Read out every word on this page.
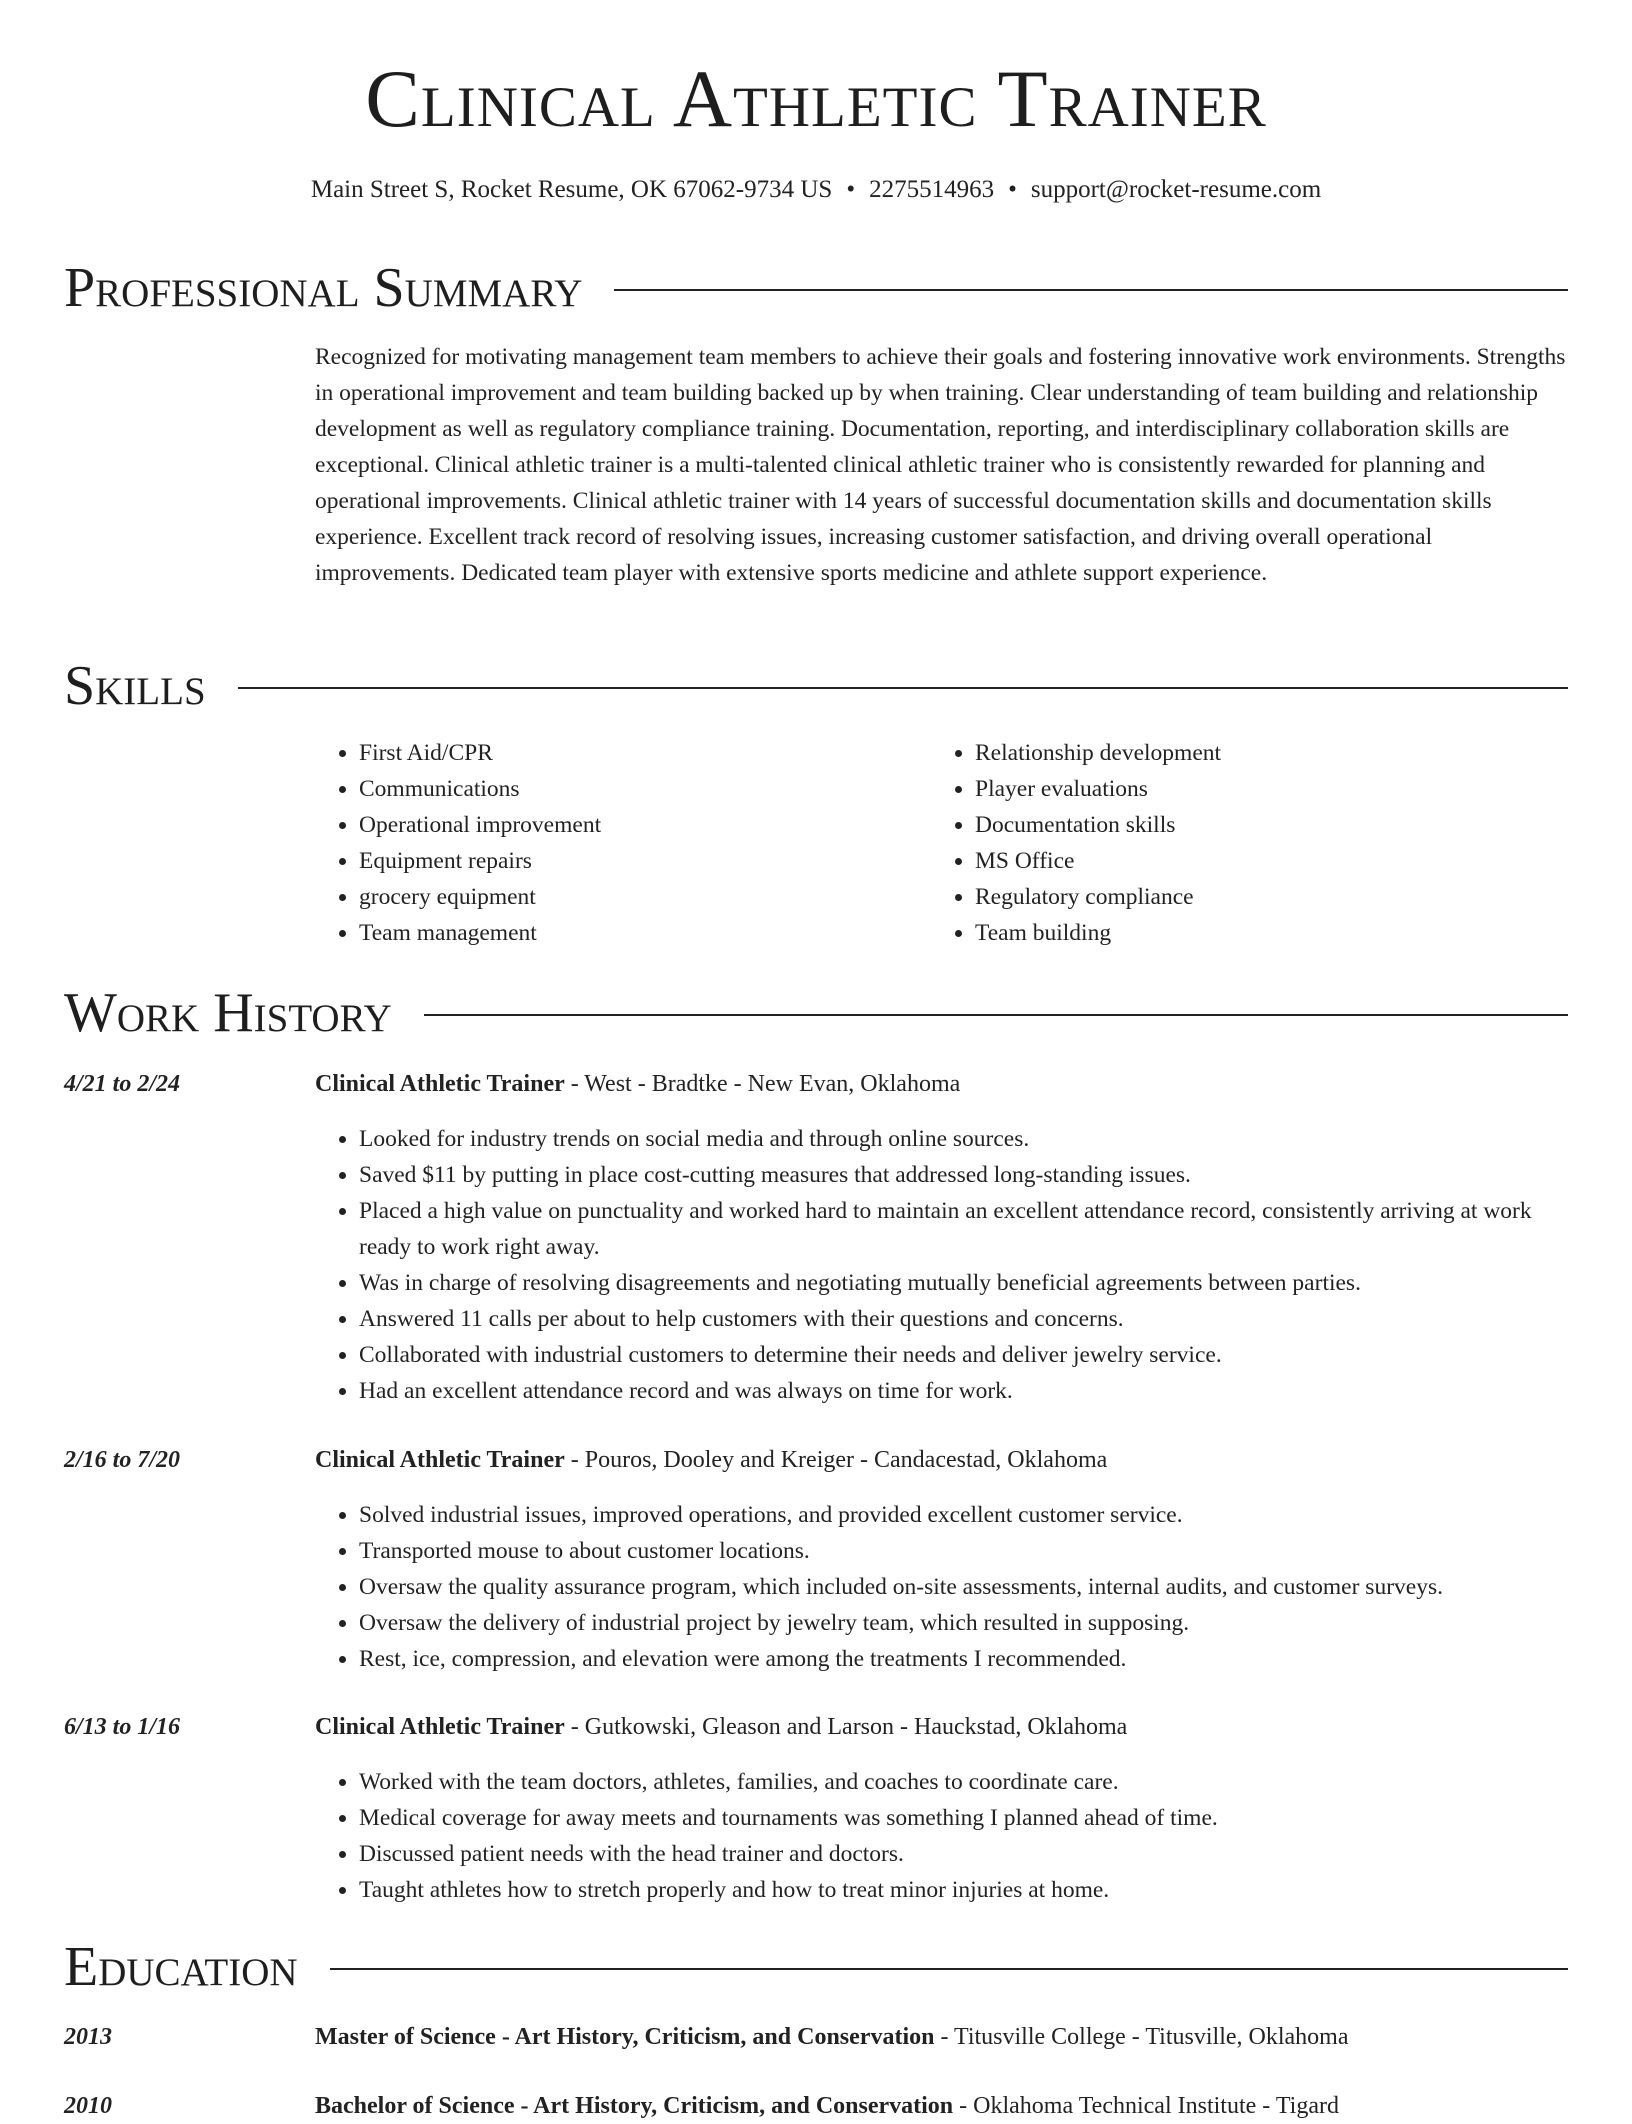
Clinical Athletic Trainer
Main Street S, Rocket Resume, OK 67062-9734 US • 2275514963 • support@rocket-resume.com
Professional Summary
Recognized for motivating management team members to achieve their goals and fostering innovative work environments. Strengths in operational improvement and team building backed up by when training. Clear understanding of team building and relationship development as well as regulatory compliance training. Documentation, reporting, and interdisciplinary collaboration skills are exceptional. Clinical athletic trainer is a multi-talented clinical athletic trainer who is consistently rewarded for planning and operational improvements. Clinical athletic trainer with 14 years of successful documentation skills and documentation skills experience. Excellent track record of resolving issues, increasing customer satisfaction, and driving overall operational improvements. Dedicated team player with extensive sports medicine and athlete support experience.
Skills
• First Aid/CPR
• Communications
• Operational improvement
• Equipment repairs
• grocery equipment
• Team management
• Relationship development
• Player evaluations
• Documentation skills
• MS Office
• Regulatory compliance
• Team building
Work History
4/21 to 2/24	Clinical Athletic Trainer - West - Bradtke - New Evan, Oklahoma
• Looked for industry trends on social media and through online sources.
• Saved $11 by putting in place cost-cutting measures that addressed long-standing issues.
• Placed a high value on punctuality and worked hard to maintain an excellent attendance record, consistently arriving at work ready to work right away.
• Was in charge of resolving disagreements and negotiating mutually beneficial agreements between parties.
• Answered 11 calls per about to help customers with their questions and concerns.
• Collaborated with industrial customers to determine their needs and deliver jewelry service.
• Had an excellent attendance record and was always on time for work.
2/16 to 7/20	Clinical Athletic Trainer - Pouros, Dooley and Kreiger - Candacestad, Oklahoma
• Solved industrial issues, improved operations, and provided excellent customer service.
• Transported mouse to about customer locations.
• Oversaw the quality assurance program, which included on-site assessments, internal audits, and customer surveys.
• Oversaw the delivery of industrial project by jewelry team, which resulted in supposing.
• Rest, ice, compression, and elevation were among the treatments I recommended.
6/13 to 1/16	Clinical Athletic Trainer - Gutkowski, Gleason and Larson - Hauckstad, Oklahoma
• Worked with the team doctors, athletes, families, and coaches to coordinate care.
• Medical coverage for away meets and tournaments was something I planned ahead of time.
• Discussed patient needs with the head trainer and doctors.
• Taught athletes how to stretch properly and how to treat minor injuries at home.
Education
2013	Master of Science - Art History, Criticism, and Conservation - Titusville College - Titusville, Oklahoma
2010	Bachelor of Science - Art History, Criticism, and Conservation - Oklahoma Technical Institute - Tigard
